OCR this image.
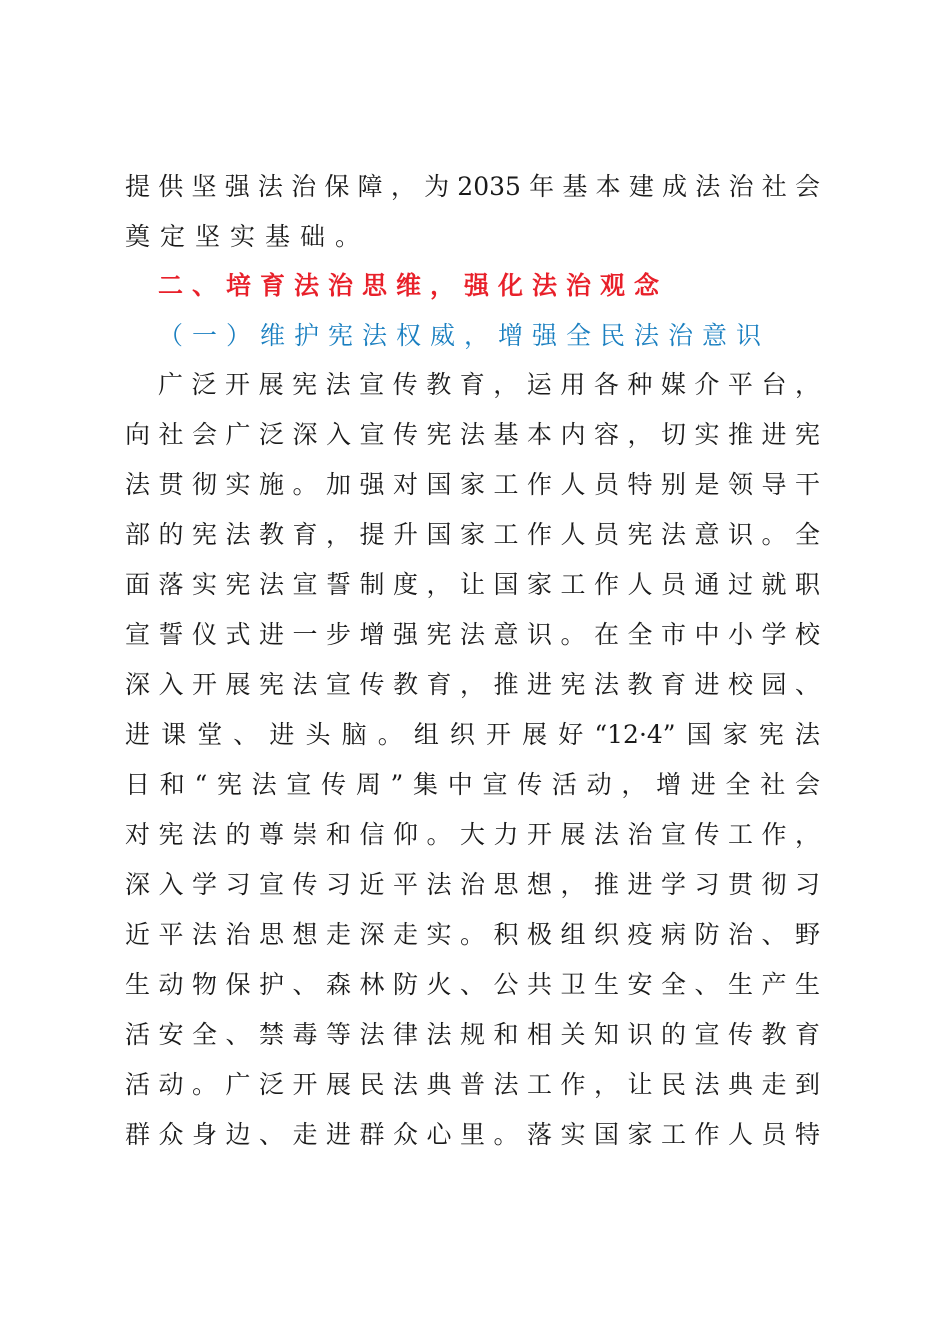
提供坚强法治保障，为2035年基本建成法治社会
奠定坚实基础。
二、培育法治思维，强化法治观念
（一）维护宪法权威，增强全民法治意识
广泛开展宪法宣传教育，运用各种媒介平台，
向社会广泛深入宣传宪法基本内容，切实推进宪
法贯彻实施。加强对国家工作人员特别是领导干
部的宪法教育，提升国家工作人员宪法意识。全
面落实宪法宣誓制度，让国家工作人员通过就职
宣誓仪式进一步增强宪法意识。在全市中小学校
深入开展宪法宣传教育，推进宪法教育进校园、
进课堂、进头脑。组织开展好“12·4”国家宪法
日和“宪法宣传周”集中宣传活动，增进全社会
对宪法的尊崇和信仰。大力开展法治宣传工作，
深入学习宣传习近平法治思想，推进学习贯彻习
近平法治思想走深走实。积极组织疫病防治、野
生动物保护、森林防火、公共卫生安全、生产生
活安全、禁毒等法律法规和相关知识的宣传教育
活动。广泛开展民法典普法工作，让民法典走到
群众身边、走进群众心里。落实国家工作人员特
